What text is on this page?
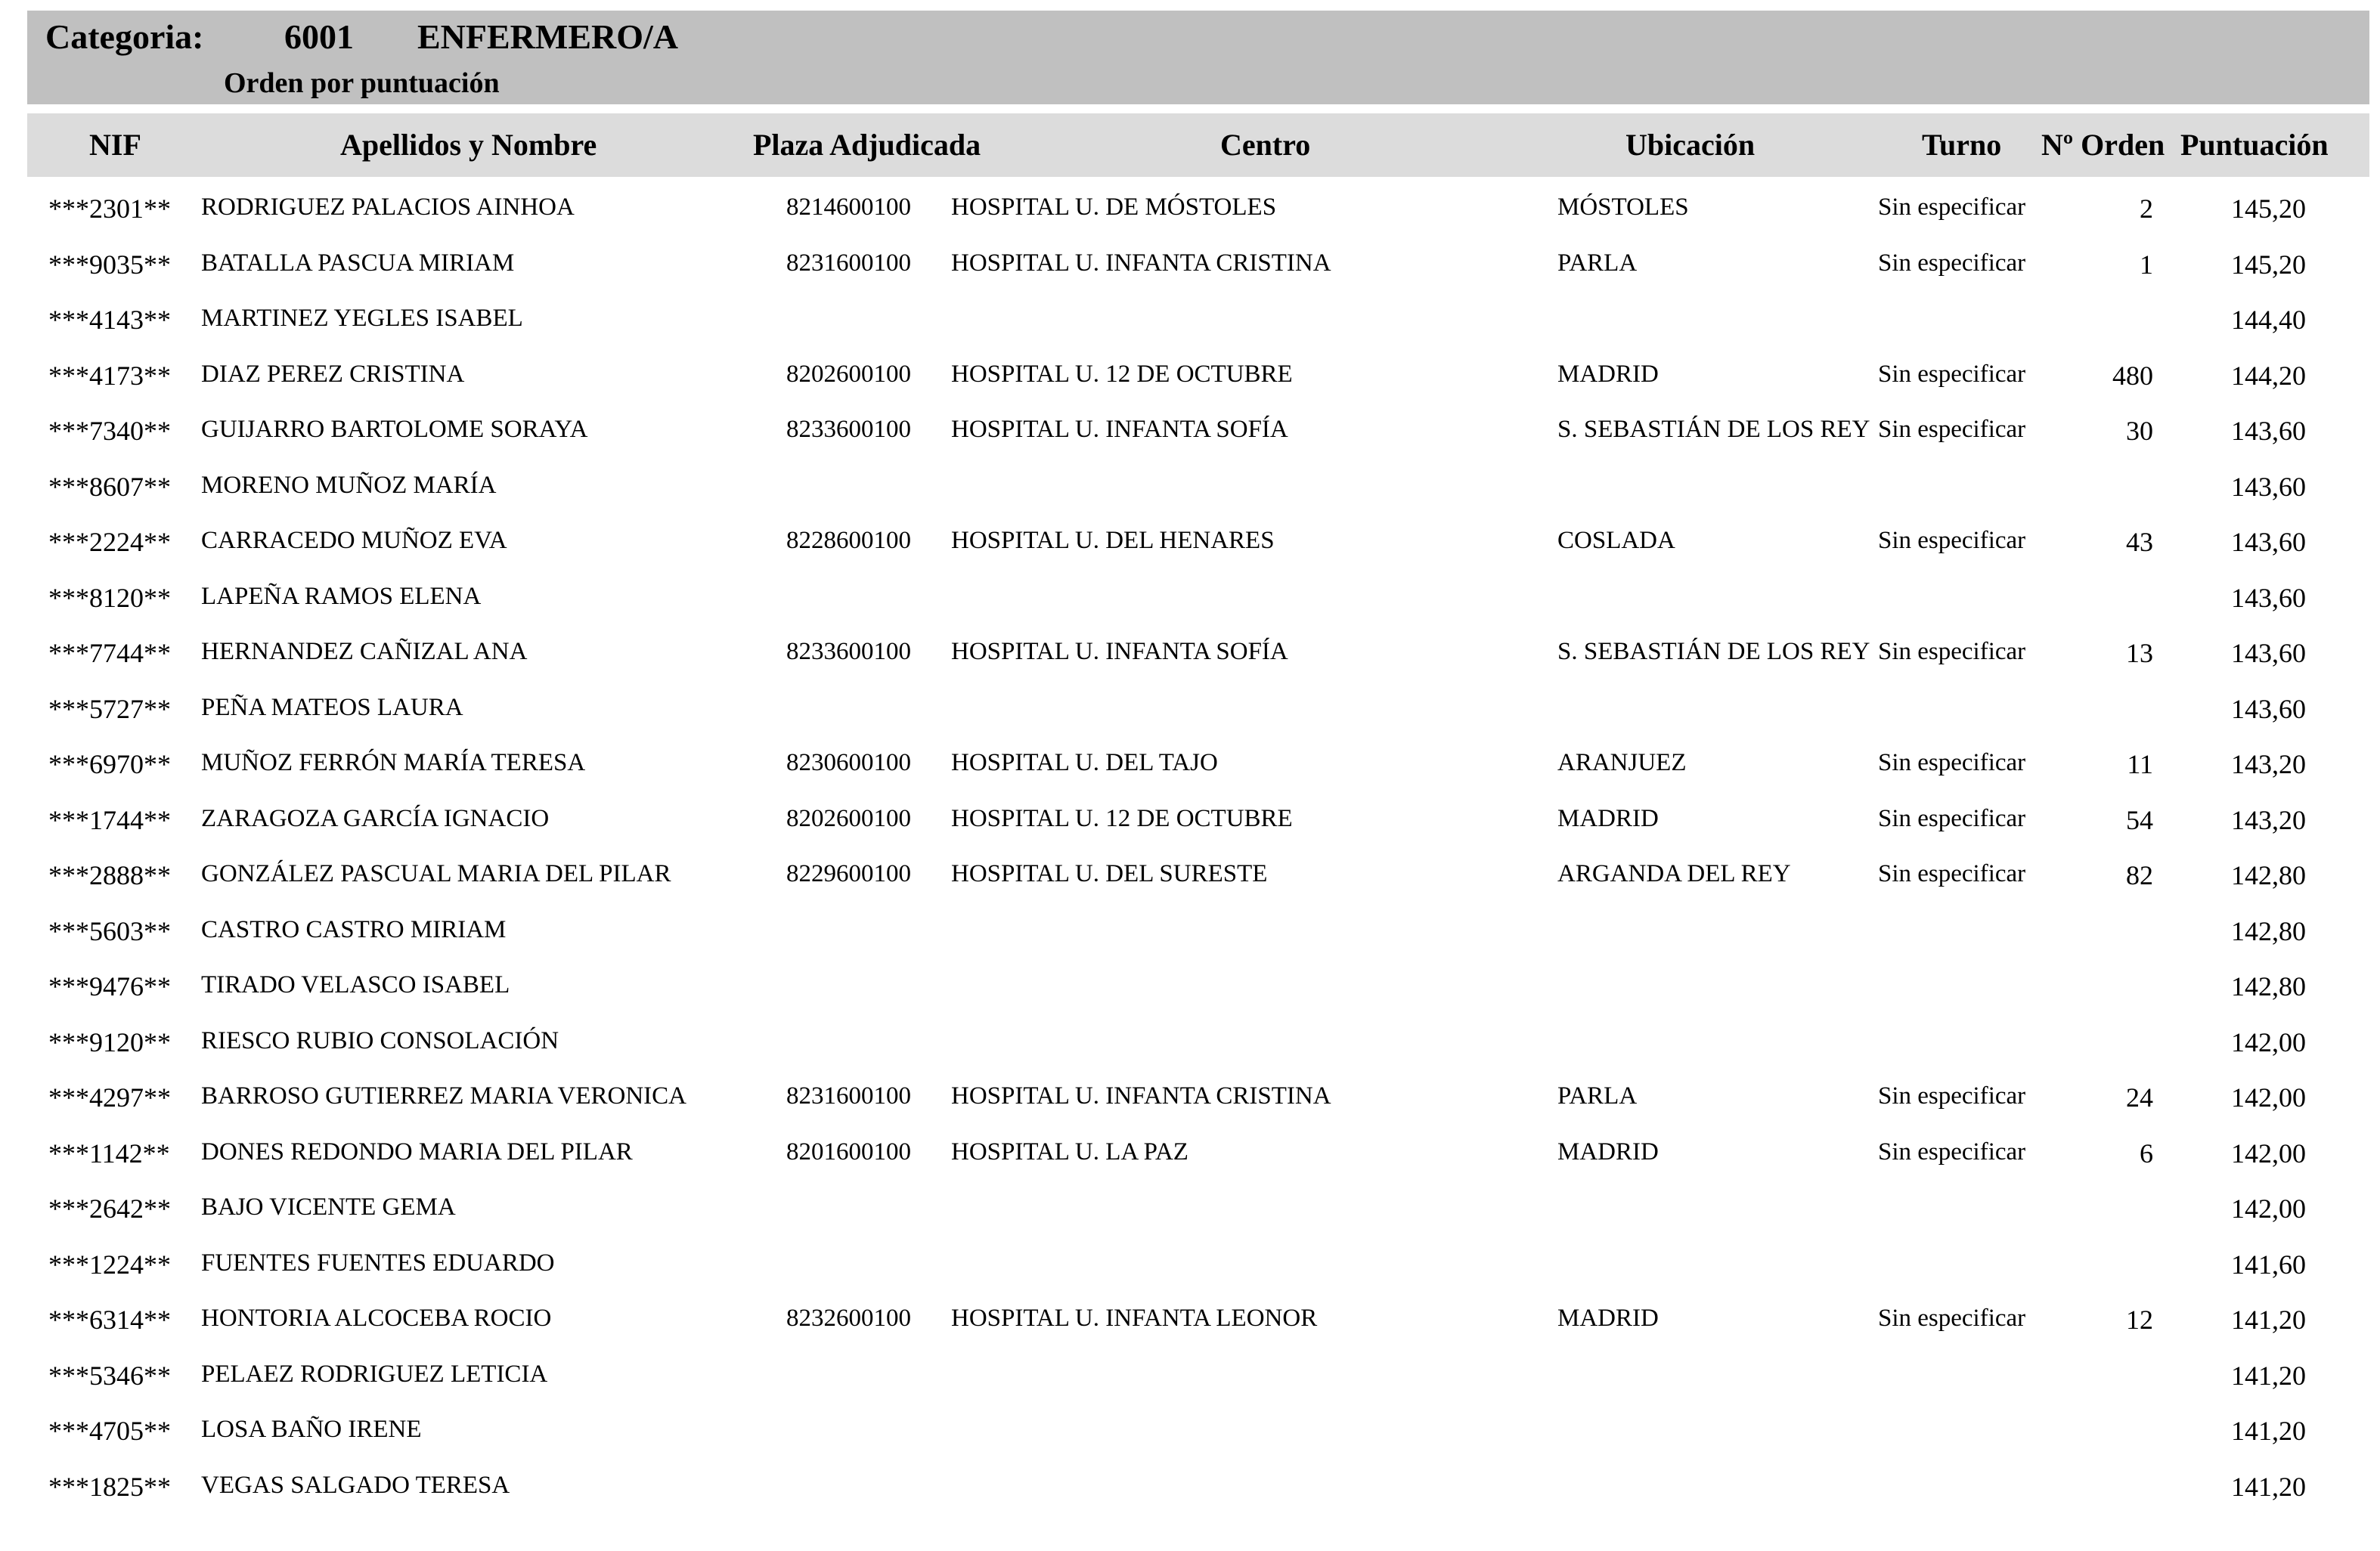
Categoria: 6001 ENFERMERO/A
Orden por puntuación
NIF	Apellidos y Nombre	Plaza Adjudicada	Centro	Ubicación	Turno Nº Orden Puntuación
***2301** RODRIGUEZ PALACIOS AINHOA	8214600100 HOSPITAL U. DE MÓSTOLES	MÓSTOLES	Sin especificar	2	145,20
***9035** BATALLA PASCUA MIRIAM	8231600100 HOSPITAL U. INFANTA CRISTINA	PARLA	Sin especificar	1	145,20
***4143** MARTINEZ YEGLES ISABEL	144,40
***4173** DIAZ PEREZ CRISTINA	8202600100 HOSPITAL U. 12 DE OCTUBRE	MADRID	Sin especificar	480	144,20
***7340** GUIJARRO BARTOLOME SORAYA	8233600100 HOSPITAL U. INFANTA SOFÍA	S. SEBASTIÁN DE LOS REY Sin especificar	30	143,60
***8607** MORENO MUÑOZ MARÍA	143,60
***2224** CARRACEDO MUÑOZ EVA	8228600100 HOSPITAL U. DEL HENARES	COSLADA	Sin especificar	43	143,60
***8120** LAPEÑA RAMOS ELENA	143,60
***7744** HERNANDEZ CAÑIZAL ANA	8233600100 HOSPITAL U. INFANTA SOFÍA	S. SEBASTIÁN DE LOS REY Sin especificar	13	143,60
***5727** PEÑA MATEOS LAURA	143,60
***6970** MUÑOZ FERRÓN MARÍA TERESA	8230600100 HOSPITAL U. DEL TAJO	ARANJUEZ	Sin especificar	11	143,20
***1744** ZARAGOZA GARCÍA IGNACIO	8202600100 HOSPITAL U. 12 DE OCTUBRE	MADRID	Sin especificar	54	143,20
***2888** GONZÁLEZ PASCUAL MARIA DEL PILAR	8229600100 HOSPITAL U. DEL SURESTE	ARGANDA DEL REY	Sin especificar	82	142,80
***5603** CASTRO CASTRO MIRIAM	142,80
***9476** TIRADO VELASCO ISABEL	142,80
***9120** RIESCO RUBIO CONSOLACIÓN	142,00
***4297** BARROSO GUTIERREZ MARIA VERONICA	8231600100 HOSPITAL U. INFANTA CRISTINA	PARLA	Sin especificar	24	142,00
***1142** DONES REDONDO MARIA DEL PILAR	8201600100 HOSPITAL U. LA PAZ	MADRID	Sin especificar	6	142,00
***2642** BAJO VICENTE GEMA	142,00
***1224** FUENTES FUENTES EDUARDO	141,60
***6314** HONTORIA ALCOCEBA ROCIO	8232600100 HOSPITAL U. INFANTA LEONOR	MADRID	Sin especificar	12	141,20
***5346** PELAEZ RODRIGUEZ LETICIA	141,20
***4705** LOSA BAÑO IRENE	141,20
***1825** VEGAS SALGADO TERESA	141,20
